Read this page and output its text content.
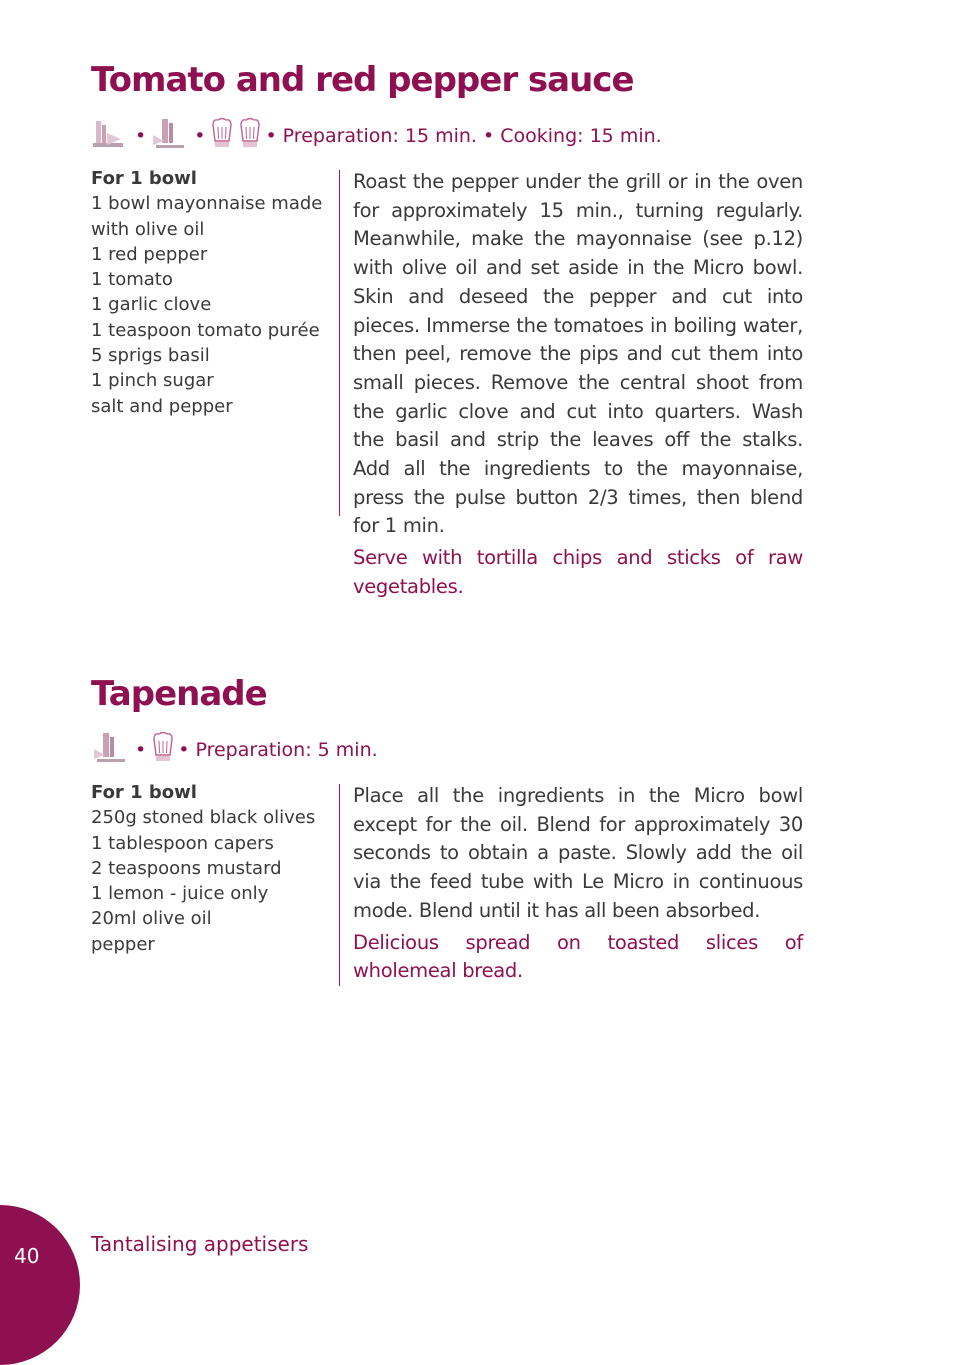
Tomato and red pepper sauce
•	•	• Preparation: 15 min. • Cooking: 15 min.
For 1 bowl
1 bowl mayonnaise made
with olive oil
1 red pepper
1 tomato
1 garlic clove
1 teaspoon tomato purée
5 sprigs basil
1 pinch sugar
salt and pepper

Roast the pepper under the grill or in the oven for approximately 15 min., turning regularly. Meanwhile, make the mayonnaise (see p.12) with olive oil and set aside in the Micro bowl. Skin and deseed the pepper and cut into pieces. Immerse the tomatoes in boiling water, then peel, remove the pips and cut them into small pieces. Remove the central shoot from the garlic clove and cut into quarters. Wash the basil and strip the leaves off the stalks. Add all the ingredients to the mayonnaise, press the pulse button 2/3 times, then blend for 1 min.

Serve with tortilla chips and sticks of raw vegetables.

Tapenade
• • Preparation: 5 min.
For 1 bowl
250g stoned black olives
1 tablespoon capers
2 teaspoons mustard
1 lemon - juice only
20ml olive oil
pepper

Place all the ingredients in the Micro bowl except for the oil. Blend for approximately 30 seconds to obtain a paste. Slowly add the oil via the feed tube with Le Micro in continuous mode. Blend until it has all been absorbed.

Delicious spread on toasted slices of wholemeal bread.

40	Tantalising appetisers
